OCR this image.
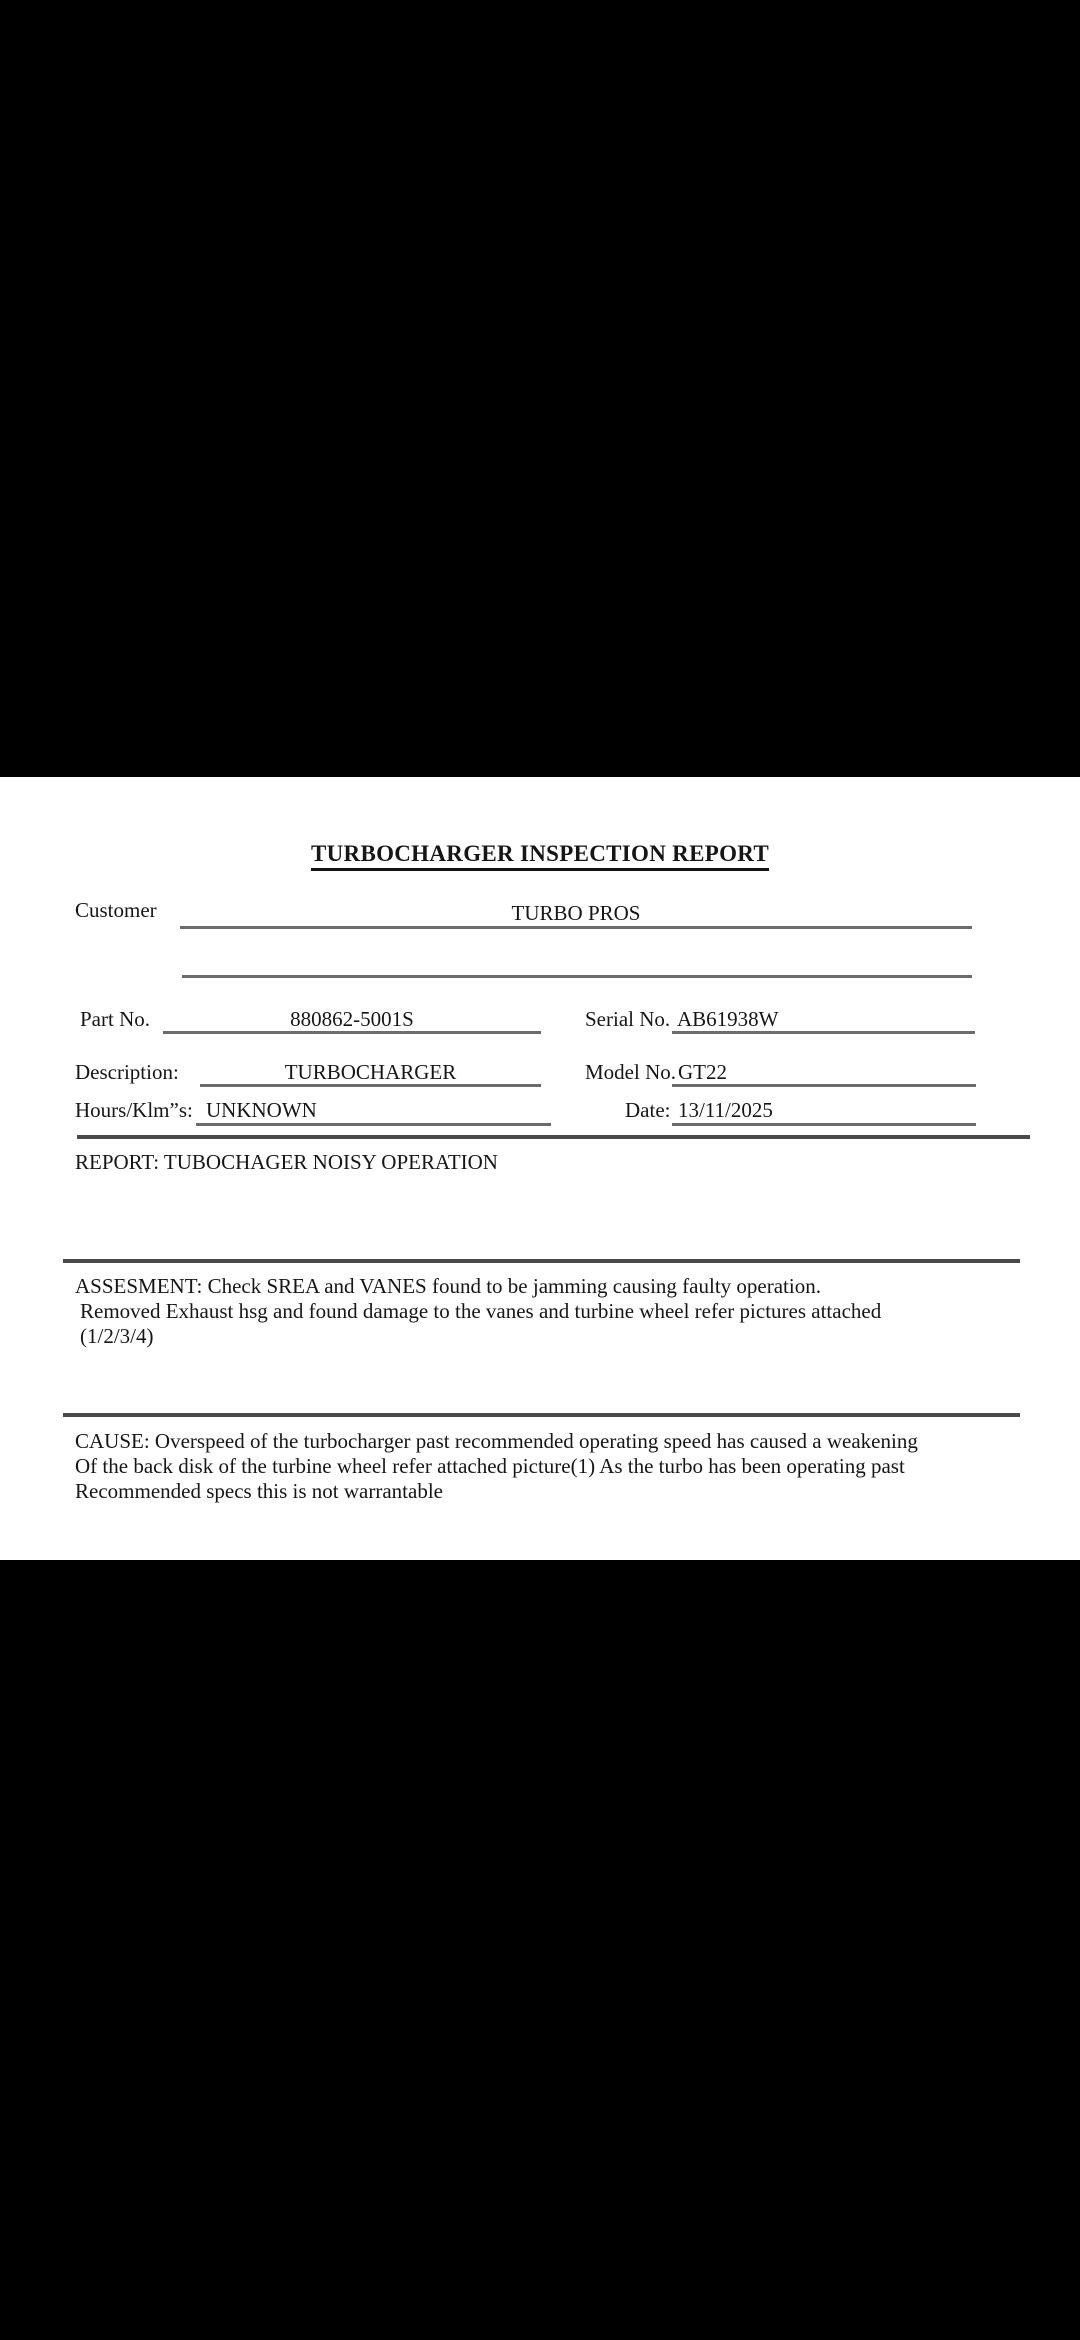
TURBOCHARGER INSPECTION REPORT
Customer	TURBO PROS
Part No.	880862-5001S	Serial No. AB61938W
Description:	TURBOCHARGER	Model No. GT22
Hours/Klm”s: UNKNOWN	Date: 13/11/2025
REPORT: TUBOCHAGER NOISY OPERATION
ASSESMENT: Check SREA and VANES found to be jamming causing faulty operation.
Removed Exhaust hsg and found damage to the vanes and turbine wheel refer pictures attached
(1/2/3/4)
CAUSE: Overspeed of the turbocharger past recommended operating speed has caused a weakening
Of the back disk of the turbine wheel refer attached picture(1) As the turbo has been operating past
Recommended specs this is not warrantable
